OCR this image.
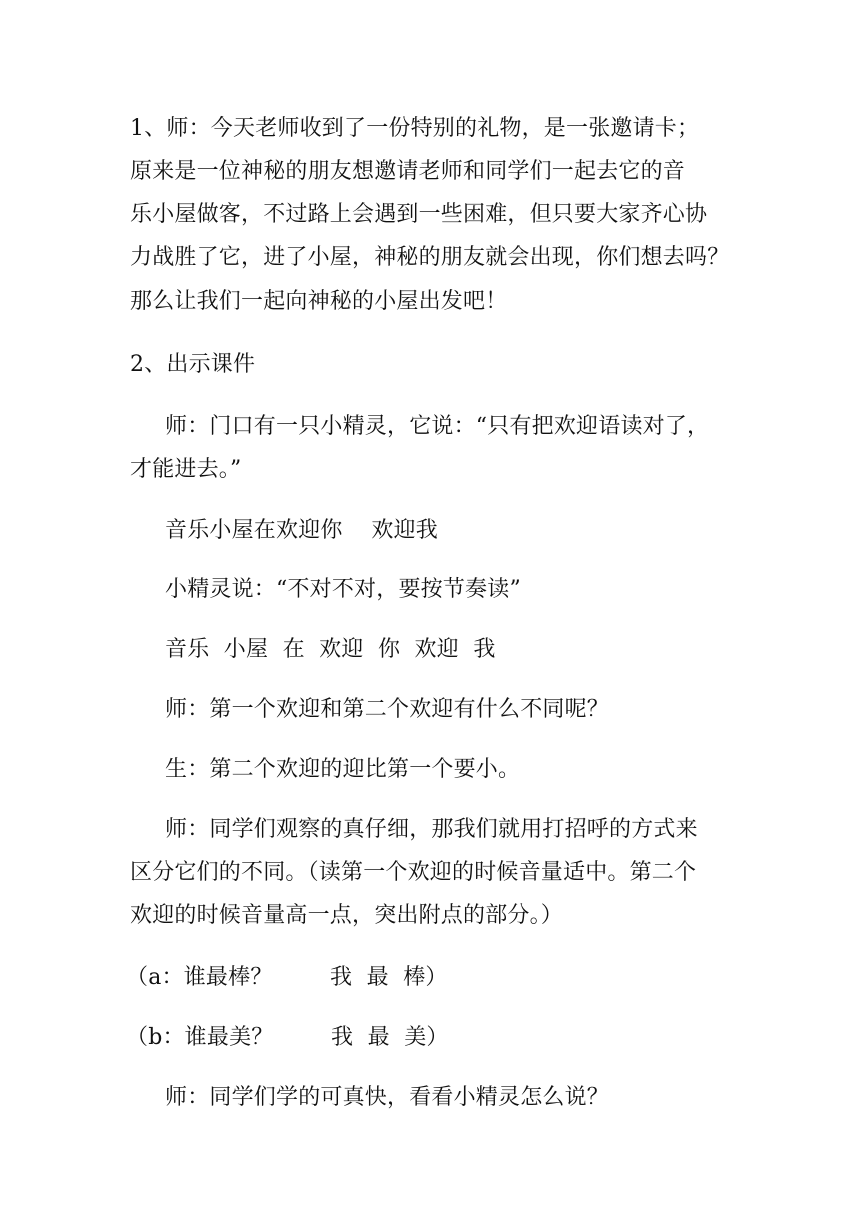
1、师：今天老师收到了一份特别的礼物，是一张邀请卡；
原来是一位神秘的朋友想邀请老师和同学们一起去它的音
乐小屋做客，不过路上会遇到一些困难，但只要大家齐心协
力战胜了它，进了小屋，神秘的朋友就会出现，你们想去吗？
那么让我们一起向神秘的小屋出发吧！
2、出示课件
师：门口有一只小精灵，它说：“只有把欢迎语读对了，
才能进去。”
音乐小屋在欢迎你    欢迎我
小精灵说：“不对不对，要按节奏读”
音乐  小屋  在  欢迎  你  欢迎  我
师：第一个欢迎和第二个欢迎有什么不同呢？
生：第二个欢迎的迎比第一个要小。
师：同学们观察的真仔细，那我们就用打招呼的方式来
区分它们的不同。（读第一个欢迎的时候音量适中。第二个
欢迎的时候音量高一点，突出附点的部分。）
（a：谁最棒？        我  最  棒）
（b：谁最美？        我  最  美）
师：同学们学的可真快，看看小精灵怎么说？
